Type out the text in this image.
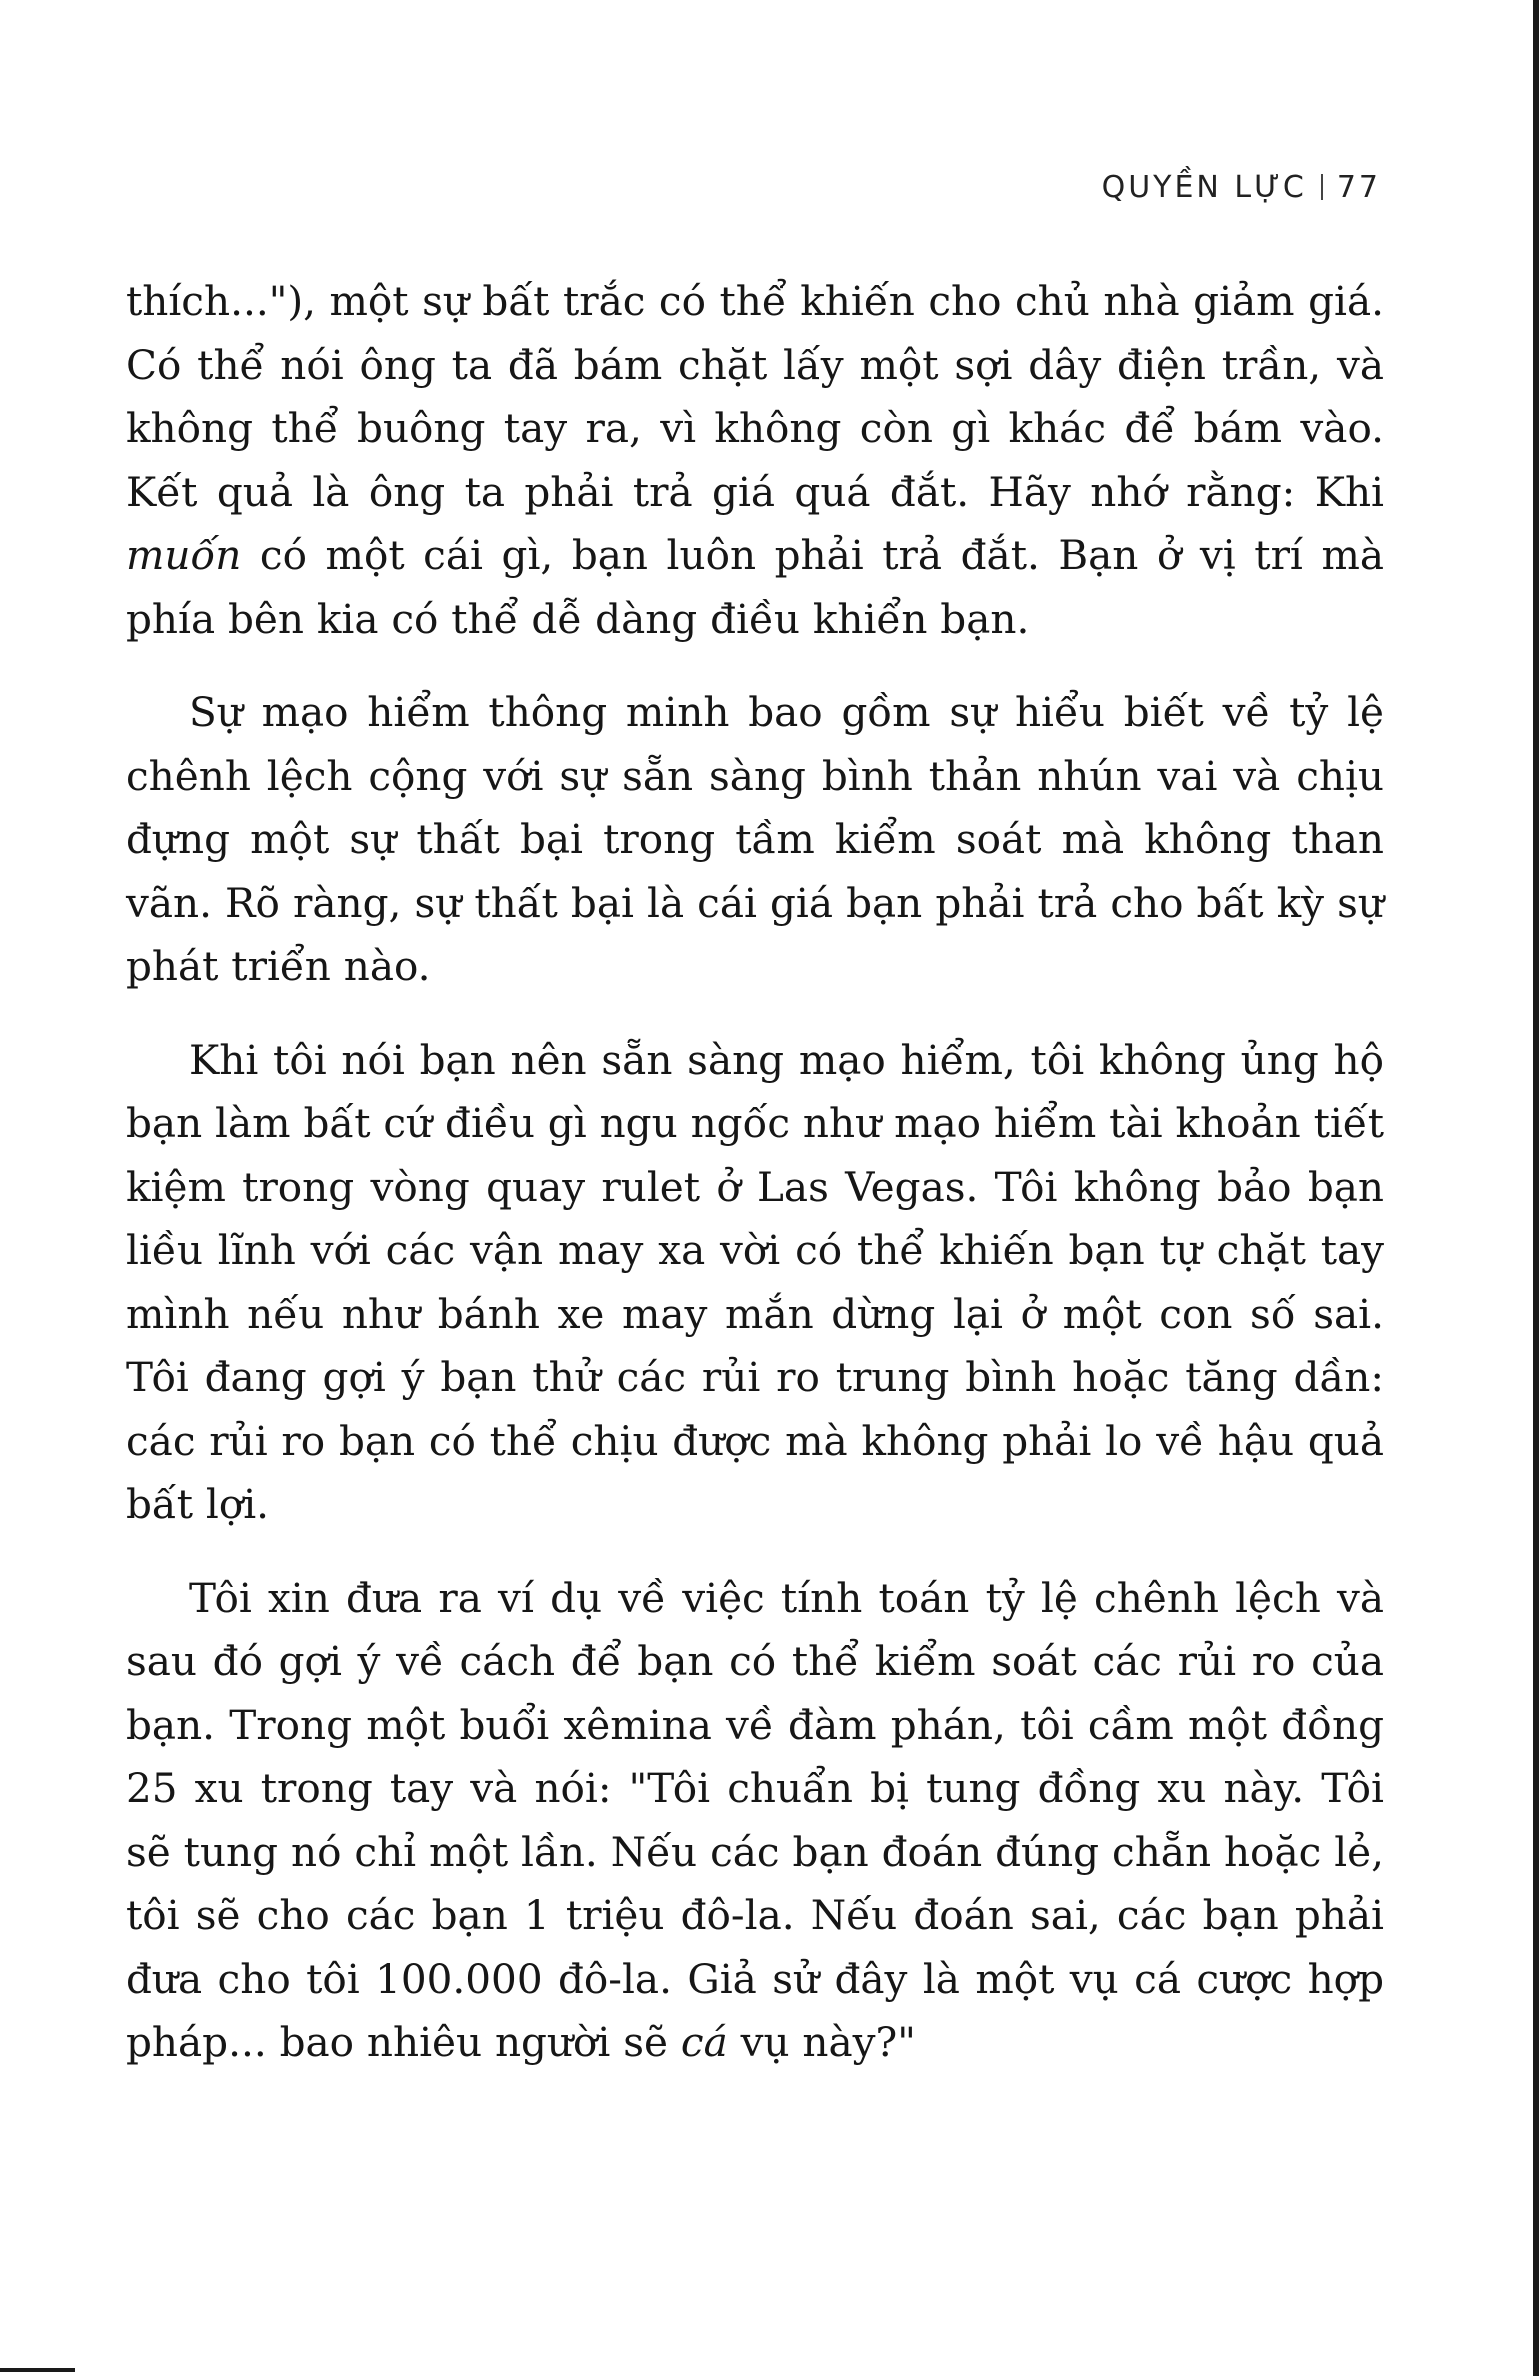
QUYỀN LỰC 77

thích..."), một sự bất trắc có thể khiến cho chủ nhà giảm giá. Có thể nói ông ta đã bám chặt lấy một sợi dây điện trần, và không thể buông tay ra, vì không còn gì khác để bám vào. Kết quả là ông ta phải trả giá quá đắt. Hãy nhớ rằng: Khi muốn có một cái gì, bạn luôn phải trả đắt. Bạn ở vị trí mà phía bên kia có thể dễ dàng điều khiển bạn.

Sự mạo hiểm thông minh bao gồm sự hiểu biết về tỷ lệ chênh lệch cộng với sự sẵn sàng bình thản nhún vai và chịu đựng một sự thất bại trong tầm kiểm soát mà không than vãn. Rõ ràng, sự thất bại là cái giá bạn phải trả cho bất kỳ sự phát triển nào.

Khi tôi nói bạn nên sẵn sàng mạo hiểm, tôi không ủng hộ bạn làm bất cứ điều gì ngu ngốc như mạo hiểm tài khoản tiết kiệm trong vòng quay rulet ở Las Vegas. Tôi không bảo bạn liều lĩnh với các vận may xa vời có thể khiến bạn tự chặt tay mình nếu như bánh xe may mắn dừng lại ở một con số sai. Tôi đang gợi ý bạn thử các rủi ro trung bình hoặc tăng dần: các rủi ro bạn có thể chịu được mà không phải lo về hậu quả bất lợi.

Tôi xin đưa ra ví dụ về việc tính toán tỷ lệ chênh lệch và sau đó gợi ý về cách để bạn có thể kiểm soát các rủi ro của bạn. Trong một buổi xêmina về đàm phán, tôi cầm một đồng 25 xu trong tay và nói: "Tôi chuẩn bị tung đồng xu này. Tôi sẽ tung nó chỉ một lần. Nếu các bạn đoán đúng chẵn hoặc lẻ, tôi sẽ cho các bạn 1 triệu đô-la. Nếu đoán sai, các bạn phải đưa cho tôi 100.000 đô-la. Giả sử đây là một vụ cá cược hợp pháp... bao nhiêu người sẽ cá vụ này?"
